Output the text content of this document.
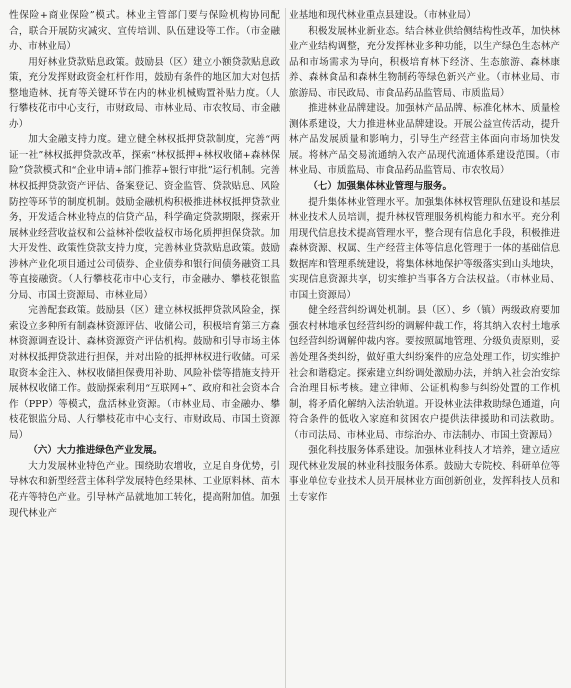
性保险+商业保险”模式。林业主管部门要与保险机构协同配合，联合开展防灾减灾、宣传培训、队伍建设等工作。（市金融办、市林业局）

用好林业贷款贴息政策。鼓励县（区）建立小额贷款贴息政策，充分发挥财政资金杠杆作用，鼓励有条件的地区加大对包括整地造林、抚育等关键环节在内的林业机械购置补贴力度。（人行攀枝花市中心支行，市财政局、市林业局、市农牧局、市金融办）

加大金融支持力度。建立健全林权抵押贷款制度，完善“两证一社”林权抵押贷款改革，探索“林权抵押+林权收储+森林保险”贷款模式和“企业申请+部门推荐+银行审批”运行机制。完善林权抵押贷款资产评估、备案登记、资金监管、贷款贴息、风险防控等环节的制度机制。鼓励金融机构积极推进林权抵押贷款业务，开发适合林业特点的信贷产品，科学确定贷款期限，探索开展林业经营收益权和公益林补偿收益权市场化质押担保贷款。加大开发性、政策性贷款支持力度，完善林业贷款贴息政策。鼓励涉林产业化项目通过公司债券、企业债券和银行间债务融资工具等直接融资。（人行攀枝花市中心支行，市金融办、攀枝花银监分局、市国土资源局、市林业局）

完善配套政策。鼓励县（区）建立林权抵押贷款风险金，探索设立多种所有制森林资源评估、收储公司，积极培育第三方森林资源调查设计、森林资源资产评估机构。鼓励和引导市场主体对林权抵押贷款进行担保，并对出险的抵押林权进行收储。可采取资本金注入、林权收储担保费用补助、风险补偿等措施支持开展林权收储工作。鼓励探索利用“互联网+”、政府和社会资本合作（PPP）等模式，盘活林业资源。（市林业局、市金融办、攀枝花银监分局、人行攀枝花市中心支行、市财政局、市国土资源局）

（六）大力推进绿色产业发展。

大力发展林业特色产业。围绕助农增收，立足自身优势，引导林农和新型经营主体科学发展特色经果林、工业原料林、苗木花卉等特色产业。引导林产品就地加工转化，提高附加值。加强现代林业产

业基地和现代林业重点县建设。（市林业局）

积极发展林业新业态。结合林业供给侧结构性改革，加快林业产业结构调整，充分发挥林业多种功能，以生产绿色生态林产品和市场需求为导向，积极培育林下经济、生态旅游、森林康养、森林食品和森林生物制药等绿色新兴产业。（市林业局、市旅游局、市民政局、市食品药品监管局、市质监局）

推进林业品牌建设。加强林产品品牌、标准化林木、质量检测体系建设，大力推进林业品牌建设。开展公益宣传活动，提升林产品发展质量和影响力，引导生产经营主体面向市场加快发展。将林产品交易流通纳入农产品现代流通体系建设范围。（市林业局、市质监局、市食品药品监管局、市农牧局）

（七）加强集体林业管理与服务。

提升集体林业管理水平。加强集体林权管理队伍建设和基层林业技术人员培训，提升林权管理服务机构能力和水平。充分利用现代信息技术提高管理水平，整合现有信息化手段，积极推进森林资源、权属、生产经营主体等信息化管理于一体的基础信息数据库和管理系统建设，将集体林地保护等级落实到山头地块，实现信息资源共享，切实维护当事各方合法权益。（市林业局、市国土资源局）

健全经营纠纷调处机制。县（区）、乡（镇）两级政府要加强农村林地承包经营纠纷的调解仲裁工作，将其纳入农村土地承包经营纠纷调解仲裁内容。要按照属地管理、分级负责原则，妥善处理各类纠纷，做好重大纠纷案件的应急处理工作，切实维护社会和谐稳定。探索建立纠纷调处激励办法，并纳入社会治安综合治理目标考核。建立律师、公证机构参与纠纷处置的工作机制，将矛盾化解纳入法治轨道。开设林业法律救助绿色通道，向符合条件的低收入家庭和贫困农户提供法律援助和司法救助。（市司法局、市林业局、市综治办、市法制办、市国土资源局）

强化科技服务体系建设。加强林业科技人才培养，建立适应现代林业发展的林业科技服务体系。鼓励大专院校、科研单位等事业单位专业技术人员开展林业方面创新创业，发挥科技人员和土专家作
